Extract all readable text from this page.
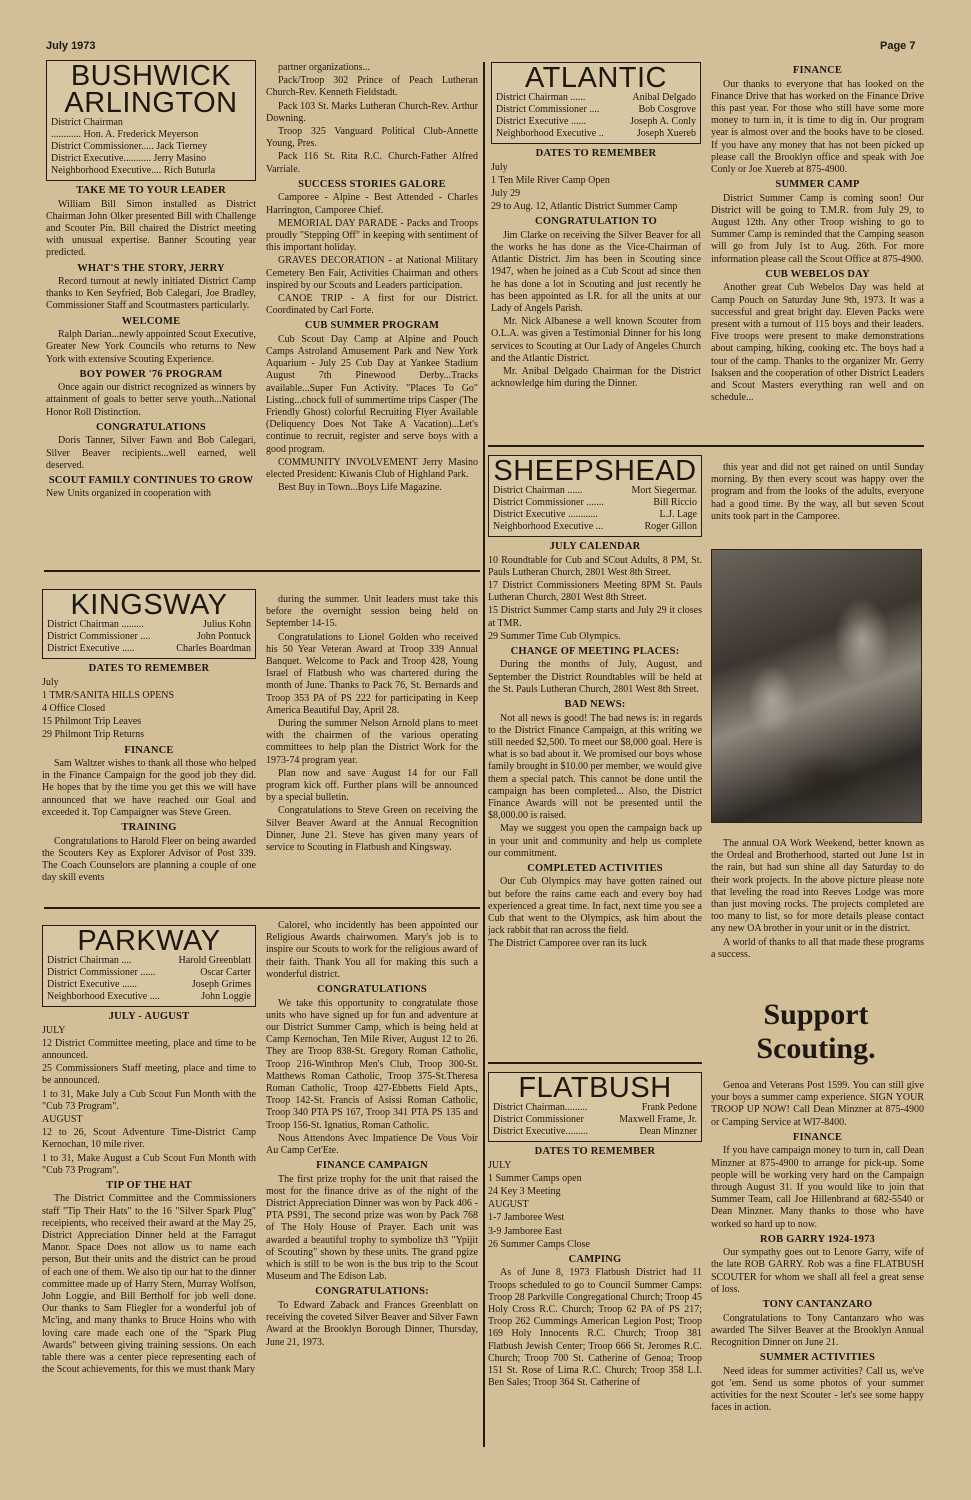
July 1973	Page 7
BUSHWICK ARLINGTON
District Chairman
............ Hon. A. Frederick Meyerson
District Commissioner..... Jack Tierney
District Executive........... Jerry Masino
Neighborhood Executive.... Rich Buturla
TAKE ME TO YOUR LEADER

William Bill Simon installed as District Chairman John Olker presented Bill with Challenge and Scouter Pin. Bill chaired the District meeting with unusual expertise. Banner Scouting year predicted.

WHAT'S THE STORY, JERRY

Record turnout at newly initiated District Camp thanks to Ken Seyfried, Bob Calegari, Joe Bradley, Commissioner Staff and Scoutmasters particularly.

WELCOME

Ralph Darian...newly appointed Scout Executive, Greater New York Councils who returns to New York with extensive Scouting Experience.

BOY POWER '76 PROGRAM

Once again our district recognized as winners by attainment of goals to better serve youth...National Honor Roll Distinction.

CONGRATULATIONS

Doris Tanner, Silver Fawn and Bob Calegari, Silver Beaver recipients...well earned, well deserved.

SCOUT FAMILY CONTINUES TO GROW

New Units organized in cooperation with

partner organizations...

Pack/Troop 302 Prince of Peach Lutheran Church-Rev. Kenneth Fieldstadt.

Pack 103 St. Marks Lutheran Church-Rev. Arthur Downing.

Troop 325 Vanguard Political Club-Annette Young, Pres.

Pack 116 St. Rita R.C. Church-Father Alfred Varriale.

SUCCESS STORIES GALORE

Camporee - Alpine - Best Attended - Charles Harrington, Camporee Chief.

MEMORIAL DAY PARADE - Packs and Troops proudly "Stepping Off" in keeping with sentiment of this important holiday.

GRAVES DECORATION - at National Military Cemetery Ben Fair, Activities Chairman and others inspired by our Scouts and Leaders participation.

CANOE TRIP - A first for our District. Coordinated by Carl Forte.

CUB SUMMER PROGRAM

Cub Scout Day Camp at Alpine and Pouch Camps Astroland Amusement Park and New York Aquarium - July 25 Cub Day at Yankee Stadium August 7th Pinewood Derby...Tracks available...Super Fun Activity. "Places To Go" Listing...chock full of summertime trips Casper (The Friendly Ghost) colorful Recruiting Flyer Available (Deliquency Does Not Take A Vacation)...Let's continue to recruit, register and serve boys with a good program.

COMMUNITY INVOLVEMENT Jerry Masino elected President: Kiwanis Club of Highland Park.

Best Buy in Town...Boys Life Magazine.

KINGSWAY
District Chairman .........	Julius Kohn
District Commissioner ....	John Pontuck
District Executive .....	Charles Boardman
DATES TO REMEMBER

July

1 TMR/SANITA HILLS OPENS

4 Office Closed

15 Philmont Trip Leaves

29 Philmont Trip Returns

FINANCE

Sam Waltzer wishes to thank all those who helped in the Finance Campaign for the good job they did. He hopes that by the time you get this we will have announced that we have reached our Goal and exceeded it. Top Campaigner was Steve Green.

TRAINING

Congratulations to Harold Fleer on being awarded the Scouters Key as Explorer Advisor of Post 339. The Coach Counselors are planning a couple of one day skill events

during the summer. Unit leaders must take this before the overnight session being held on September 14-15.

Congratulations to Lionel Golden who received his 50 Year Veteran Award at Troop 339 Annual Banquet. Welcome to Pack and Troop 428, Young Israel of Flatbush who was chartered during the month of June. Thanks to Pack 76, St. Bernards and Troop 353 PA of PS 222 for participating in Keep America Beautiful Day, April 28.

During the summer Nelson Arnold plans to meet with the chairmen of the various operating committees to help plan the District Work for the 1973-74 program year.

Plan now and save August 14 for our Fall program kick off. Further plans will be announced by a special bulletin.

Congratulations to Steve Green on receiving the Silver Beaver Award at the Annual Recognition Dinner, June 21. Steve has given many years of service to Scouting in Flatbush and Kingsway.

PARKWAY
District Chairman ....	Harold Greenblatt
District Commissioner ......	Oscar Carter
District Executive ......	Joseph Grimes
Neighborhood Executive ....	John Loggie
JULY - AUGUST

JULY

12 District Committee meeting, place and time to be announced.

25 Commissioners Staff meeting, place and time to be announced.

1 to 31, Make July a Cub Scout Fun Month with the "Cub 73 Program".

AUGUST

12 to 26, Scout Adventure Time-District Camp Kernochan, 10 mile river.

1 to 31, Make August a Cub Scout Fun Month with "Cub 73 Program".

TIP OF THE HAT

The District Committee and the Commissioners staff "Tip Their Hats" to the 16 "Silver Spark Plug" receipients, who received their award at the May 25, District Appreciation Dinner held at the Farragut Manor. Space Does not allow us to name each person, But their units and the district can be proud of each one of them. We also tip our hat to the dinner committee made up of Harry Stern, Murray Wolfson, John Loggie, and Bill Bertholf for job well done. Our thanks to Sam Fliegler for a wonderful job of Mc'ing, and many thanks to Bruce Hoins who with loving care made each one of the "Spark Plug Awards" between giving training sessions. On each table there was a center piece representing each of the Scout achievements, for this we must thank Mary

Calorel, who incidently has been appointed our Religious Awards chairwomen. Mary's job is to inspire our Scouts to work for the religious award of their faith. Thank You all for making this such a wonderful district.

CONGRATULATIONS

We take this opportunity to congratulate those units who have signed up for fun and adventure at our District Summer Camp, which is being held at Camp Kernochan, Ten Mile River, August 12 to 26. They are Troop 838-St. Gregory Roman Catholic, Troop 216-Winthrop Men's Club, Troop 300-St. Matthews Roman Catholic, Troop 375-St.Theresa Roman Catholic, Troop 427-Ebbetts Field Apts., Troop 142-St. Francis of Asissi Roman Catholic, Troop 340 PTA PS 167, Troop 341 PTA PS 135 and Troop 156-St. Ignatius, Roman Catholic.

Nous Attendons Avec Impatience De Vous Voir Au Camp Cet'Ete.

FINANCE CAMPAIGN

The first prize trophy for the unit that raised the most for the finance drive as of the night of the District Appreciation Dinner was won by Pack 406 - PTA PS91, The second prize was won by Pack 768 of The Holy House of Prayer. Each unit was awarded a beautiful trophy to symbolize th3 "Ypijit of Scouting" shown by these units. The grand pgize which is still to be won is the bus trip to the Scout Museum and The Edison Lab.

CONGRATULATIONS:

To Edward Zaback and Frances Greenblatt on receiving the coveted Silver Beaver and Silver Fawn Award at the Brooklyn Borough Dinner, Thursday, June 21, 1973.

ATLANTIC
District Chairman ......	Anibal Delgado
District Commissioner ....	Bob Cosgrove
District Executive ......	Joseph A. Conly
Neighborhood Executive ..	Joseph Xuereb
DATES TO REMEMBER

July

1 Ten Mile River Camp Open

July 29

29 to Aug. 12, Atlantic District Summer Camp

CONGRATULATION TO

Jim Clarke on receiving the Silver Beaver for all the works he has done as the Vice-Chairman of Atlantic District. Jim has been in Scouting since 1947, when he joined as a Cub Scout ad since then he has done a lot in Scouting and just recently he has been appointed as I.R. for all the units at our Lady of Angels Parish.

Mr. Nick Albanese a well known Scouter from O.L.A. was given a Testimonial Dinner for his long services to Scouting at Our Lady of Angeles Church and the Atlantic District.

Mr. Anibal Delgado Chairman for the District acknowledge him during the Dinner.

FINANCE

Our thanks to everyone that has looked on the Finance Drive that has worked on the Finance Drive this past year. For those who still have some more money to turn in, it is time to dig in. Our program year is almost over and the books have to be closed. If you have any money that has not been picked up please call the Brooklyn office and speak with Joe Conly or Joe Xuereb at 875-4900.

SUMMER CAMP

District Summer Camp is coming soon! Our District will be going to T.M.R. from July 29, to August 12th. Any other Troop wishing to go to Summer Camp is reminded that the Camping season will go from July 1st to Aug. 26th. For more information please call the Scout Office at 875-4900.

CUB WEBELOS DAY

Another great Cub Webelos Day was held at Camp Pouch on Saturday June 9th, 1973. It was a successful and great bright day. Eleven Packs were present with a turnout of 115 boys and their leaders. Five troops were present to make demonstrations about camping, hiking, cooking etc. The boys had a tour of the camp. Thanks to the organizer Mr. Gerry Isaksen and the cooperation of other District Leaders and Scout Masters everything ran well and on schedule...

SHEEPSHEAD
District Chairman ......	Mort Siegermar.
District Commissioner .......	Bill Riccio
District Executive ............	L.J. Lage
Neighborhood Executive ...	Roger Gillon
JULY CALENDAR

10 Roundtable for Cub and SCout Adults, 8 PM, St. Pauls Lutheran Church, 2801 West 8th Street.

17 District Commissioners Meeting 8PM St. Pauls Lutheran Church, 2801 West 8th Street.

15 District Summer Camp starts and July 29 it closes at TMR.

29 Summer Time Cub Olympics.

CHANGE OF MEETING PLACES:

During the months of July, August, and September the District Roundtables will be held at the St. Pauls Lutheran Church, 2801 West 8th Street.

BAD NEWS:

Not all news is good! The bad news is: in regards to the District Finance Campaign, at this writing we still needed $2,500. To meet our $8,000 goal. Here is what is so bad about it. We promised our boys whose family brought in $10.00 per member, we would give them a special patch. This cannot be done until the campaign has been completed... Also, the District Finance Awards will not be presented until the $8,000.00 is raised.

May we suggest you open the campaign back up in your unit and community and help us complete our commitment.

COMPLETED ACTIVITIES

Our Cub Olympics may have gotten rained out but before the rains came each and every boy had experienced a great time. In fact, next time you see a Cub that went to the Olympics, ask him about the jack rabbit that ran across the field.

The District Camporee over ran its luck

this year and did not get rained on until Sunday morning. By then every scout was happy over the program and from the looks of the adults, everyone had a good time. By the way, all but seven Scout units took part in the Camporee.

The annual OA Work Weekend, better known as the Ordeal and Brotherhood, started out June 1st in the rain, but had sun shine all day Saturday to do their work projects. In the above picture please note that leveling the road into Reeves Lodge was more than just moving rocks. The projects completed are too many to list, so for more details please contact any new OA brother in your unit or in the district.

A world of thanks to all that made these programs a success.

Support Scouting.
FLATBUSH
District Chairman.........	Frank Pedone
District Commissioner	Maxwell Frame, Jr.
District Executive.........	Dean Minzner
DATES TO REMEMBER

JULY

1 Summer Camps open

24 Key 3 Meeting

AUGUST

1-7 Jamboree West

3-9 Jamboree East

26 Summer Camps Close

CAMPING

As of June 8, 1973 Flatbush District had 11 Troops scheduled to go to Council Summer Camps: Troop 28 Parkville Congregational Church; Troop 45 Holy Cross R.C. Church; Troop 62 PA of PS 217; Troop 262 Cummings American Legion Post; Troop 169 Holy Innocents R.C. Church; Troop 381 Flatbush Jewish Center; Troop 666 St. Jeromes R.C. Church; Troop 700 St. Catherine of Genoa; Troop 151 St. Rose of Lima R.C. Church; Troop 358 L.I. Ben Sales; Troop 364 St. Catherine of

Genoa and Veterans Post 1599. You can still give your boys a summer camp experience. SIGN YOUR TROOP UP NOW! Call Dean Minzner at 875-4900 or Camping Service at WI7-8400.

FINANCE

If you have campaign money to turn in, call Dean Minzner at 875-4900 to arrange for pick-up. Some people will be working very hard on the Campaign through August 31. If you would like to join that Summer Team, call Joe Hillenbrand at 682-5540 or Dean Minzner. Many thanks to those who have worked so hard up to now.

ROB GARRY 1924-1973

Our sympathy goes out to Lenore Garry, wife of the late ROB GARRY. Rob was a fine FLATBUSH SCOUTER for whom we shall all feel a great sense of loss.

TONY CANTANZARO

Congratulations to Tony Cantanzaro who was awarded The Silver Beaver at the Brooklyn Annual Recognition Dinner on June 21.

SUMMER ACTIVITIES

Need ideas for summer activities? Call us, we've got 'em. Send us some photos of your summer activities for the next Scouter - let's see some happy faces in action.
